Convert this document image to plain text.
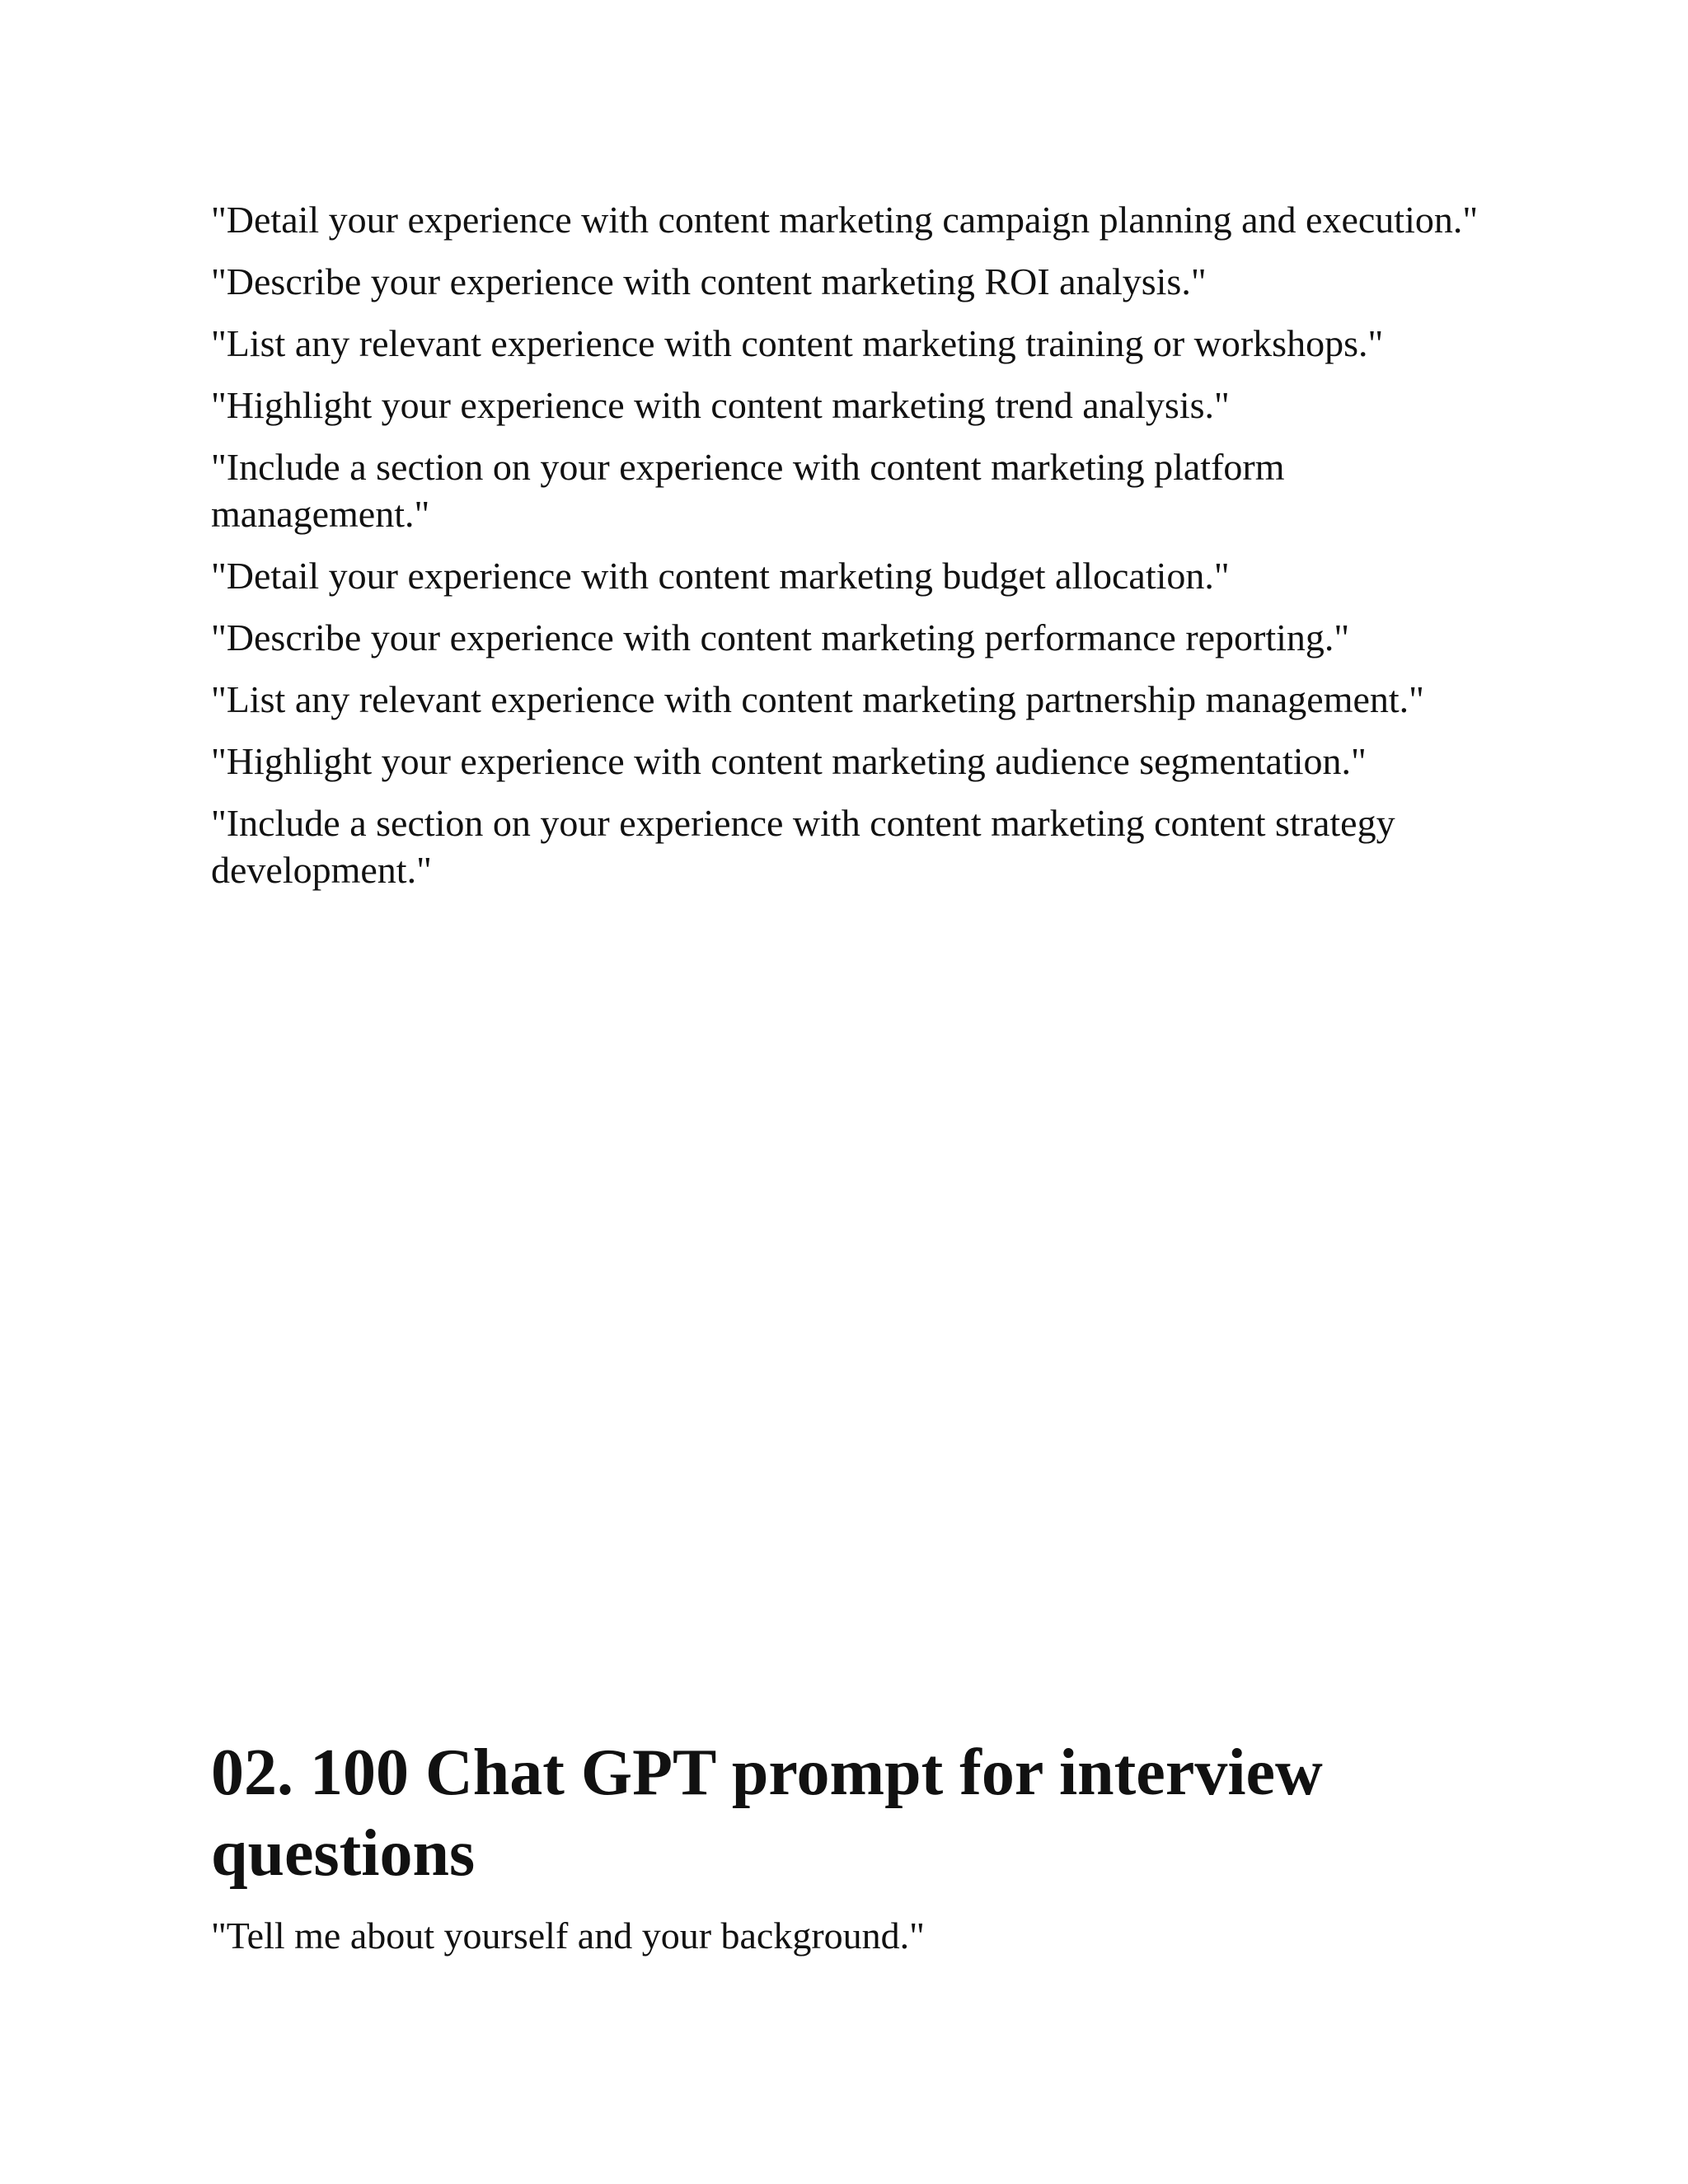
"Detail your experience with content marketing campaign planning and execution."
"Describe your experience with content marketing ROI analysis."
"List any relevant experience with content marketing training or workshops."
"Highlight your experience with content marketing trend analysis."
"Include a section on your experience with content marketing platform management."
"Detail your experience with content marketing budget allocation."
"Describe your experience with content marketing performance reporting."
"List any relevant experience with content marketing partnership management."
"Highlight your experience with content marketing audience segmentation."
"Include a section on your experience with content marketing content strategy development."
02. 100 Chat GPT prompt for interview questions
"Tell me about yourself and your background."
